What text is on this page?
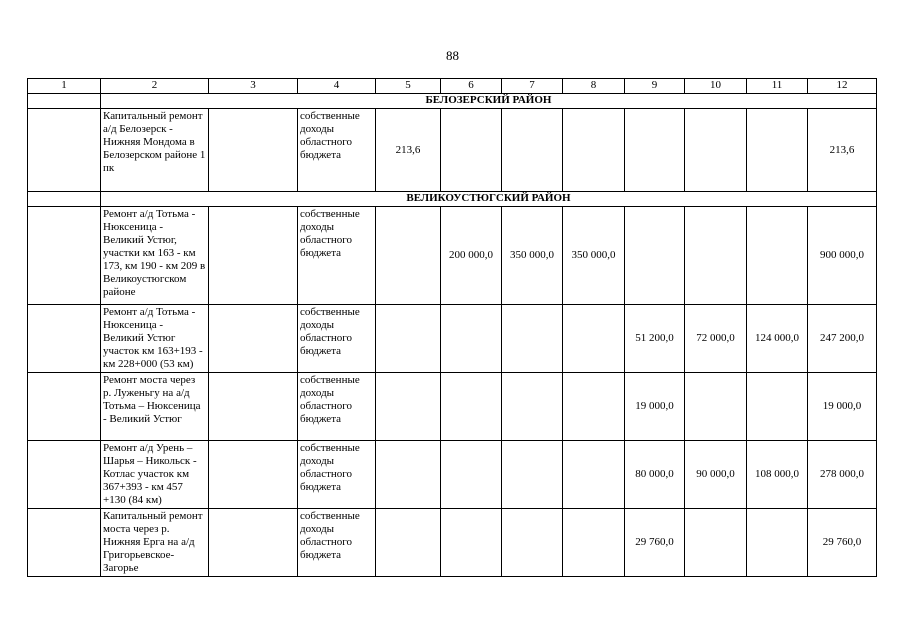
88
1	2	3	4	5	6	7	8	9	10	11	12
	БЕЛОЗЕРСКИЙ РАЙОН										
	Капитальный ремонт а/д Белозерск - Нижняя Мондома в Белозерском районе 1 пк		собственные доходы областного бюджета	213,6							213,6
	ВЕЛИКОУСТЮГСКИЙ РАЙОН										
	Ремонт а/д Тотьма - Нюксеница - Великий Устюг, участки км 163 - км 173, км 190 - км 209 в Великоустюгском районе		собственные доходы областного бюджета		200 000,0	350 000,0	350 000,0				900 000,0
	Ремонт а/д Тотьма - Нюксеница - Великий Устюг участок км 163+193 - км 228+000 (53 км)		собственные доходы областного бюджета					51 200,0	72 000,0	124 000,0	247 200,0
	Ремонт моста через р. Луженьгу на а/д Тотьма – Нюксеница - Великий Устюг		собственные доходы областного бюджета					19 000,0			19 000,0
	Ремонт а/д Урень – Шарья – Никольск - Котлас участок км 367+393 - км 457 +130 (84 км)		собственные доходы областного бюджета					80 000,0	90 000,0	108 000,0	278 000,0
	Капитальный ремонт моста через р. Нижняя Ерга на а/д Григорьевское-Загорье		собственные доходы областного бюджета					29 760,0			29 760,0
